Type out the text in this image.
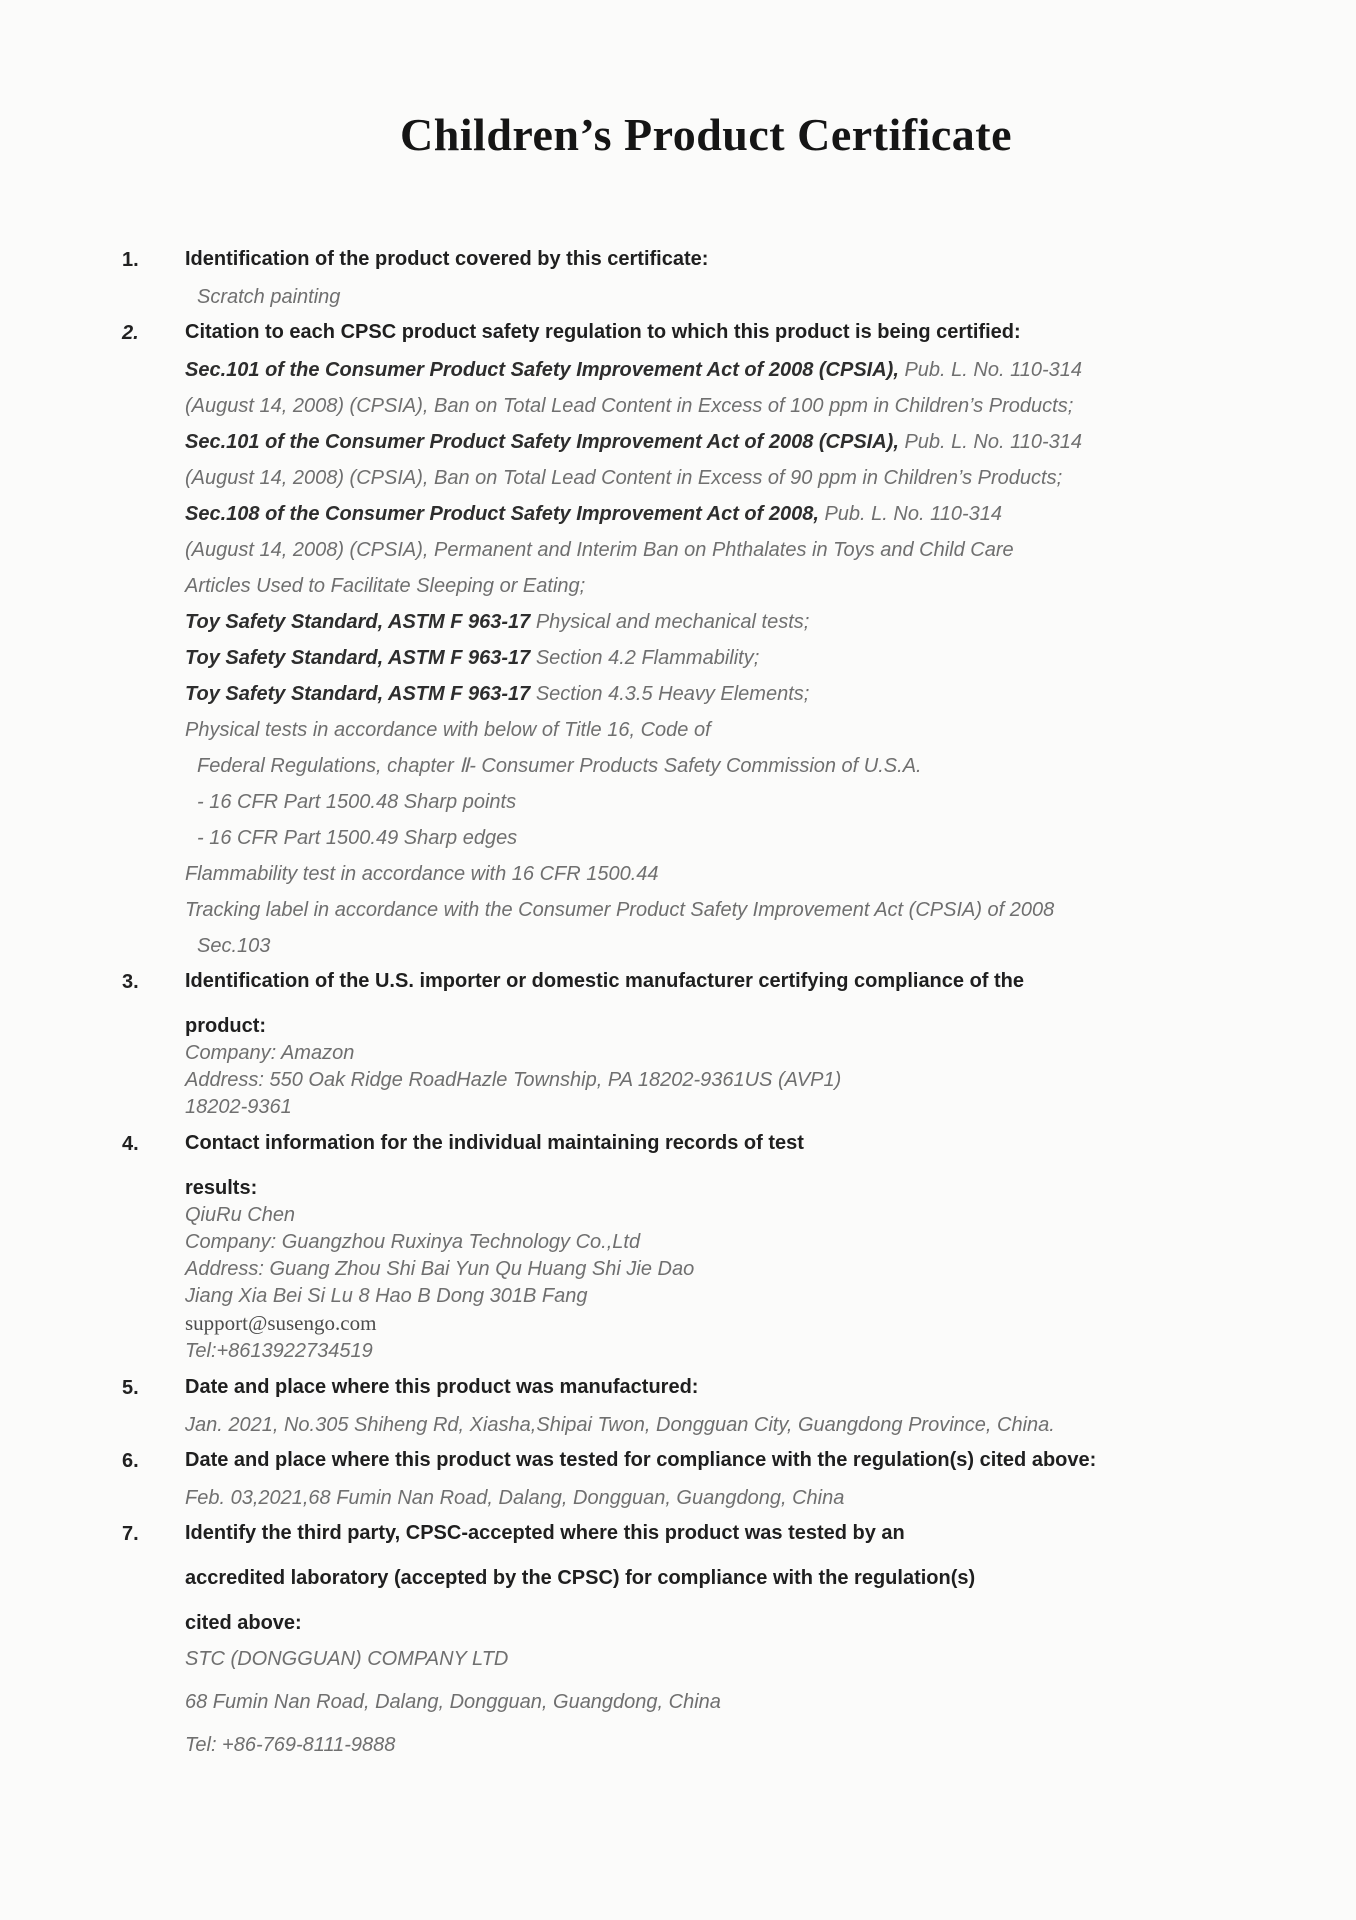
Children’s Product Certificate
1.	Identification of the product covered by this certificate:
Scratch painting
2.	Citation to each CPSC product safety regulation to which this product is being certified:
Sec.101 of the Consumer Product Safety Improvement Act of 2008 (CPSIA), Pub. L. No. 110-314
(August 14, 2008) (CPSIA), Ban on Total Lead Content in Excess of 100 ppm in Children’s Products;
Sec.101 of the Consumer Product Safety Improvement Act of 2008 (CPSIA), Pub. L. No. 110-314
(August 14, 2008) (CPSIA), Ban on Total Lead Content in Excess of 90 ppm in Children’s Products;
Sec.108 of the Consumer Product Safety Improvement Act of 2008, Pub. L. No. 110-314
(August 14, 2008) (CPSIA), Permanent and Interim Ban on Phthalates in Toys and Child Care
Articles Used to Facilitate Sleeping or Eating;
Toy Safety Standard, ASTM F 963-17 Physical and mechanical tests;
Toy Safety Standard, ASTM F 963-17 Section 4.2 Flammability;
Toy Safety Standard, ASTM F 963-17 Section 4.3.5 Heavy Elements;
Physical tests in accordance with below of Title 16, Code of
Federal Regulations, chapter Ⅱ- Consumer Products Safety Commission of U.S.A.
- 16 CFR Part 1500.48 Sharp points
- 16 CFR Part 1500.49 Sharp edges
Flammability test in accordance with 16 CFR 1500.44
Tracking label in accordance with the Consumer Product Safety Improvement Act (CPSIA) of 2008
Sec.103
3.	Identification of the U.S. importer or domestic manufacturer certifying compliance of the
product:
Company: Amazon
Address: 550 Oak Ridge RoadHazle Township, PA 18202-9361US (AVP1)
18202-9361
4.	Contact information for the individual maintaining records of test
results:
QiuRu Chen
Company: Guangzhou Ruxinya Technology Co.,Ltd
Address: Guang Zhou Shi Bai Yun Qu Huang Shi Jie Dao
Jiang Xia Bei Si Lu 8 Hao B Dong 301B Fang
support@susengo.com
Tel:+8613922734519
5.	Date and place where this product was manufactured:
Jan. 2021, No.305 Shiheng Rd, Xiasha,Shipai Twon, Dongguan City, Guangdong Province, China.
6.	Date and place where this product was tested for compliance with the regulation(s) cited above:
Feb. 03,2021,68 Fumin Nan Road, Dalang, Dongguan, Guangdong, China
7.	Identify the third party, CPSC-accepted where this product was tested by an
accredited laboratory (accepted by the CPSC) for compliance with the regulation(s)
cited above:
STC (DONGGUAN) COMPANY LTD
68 Fumin Nan Road, Dalang, Dongguan, Guangdong, China
Tel: +86-769-8111-9888
